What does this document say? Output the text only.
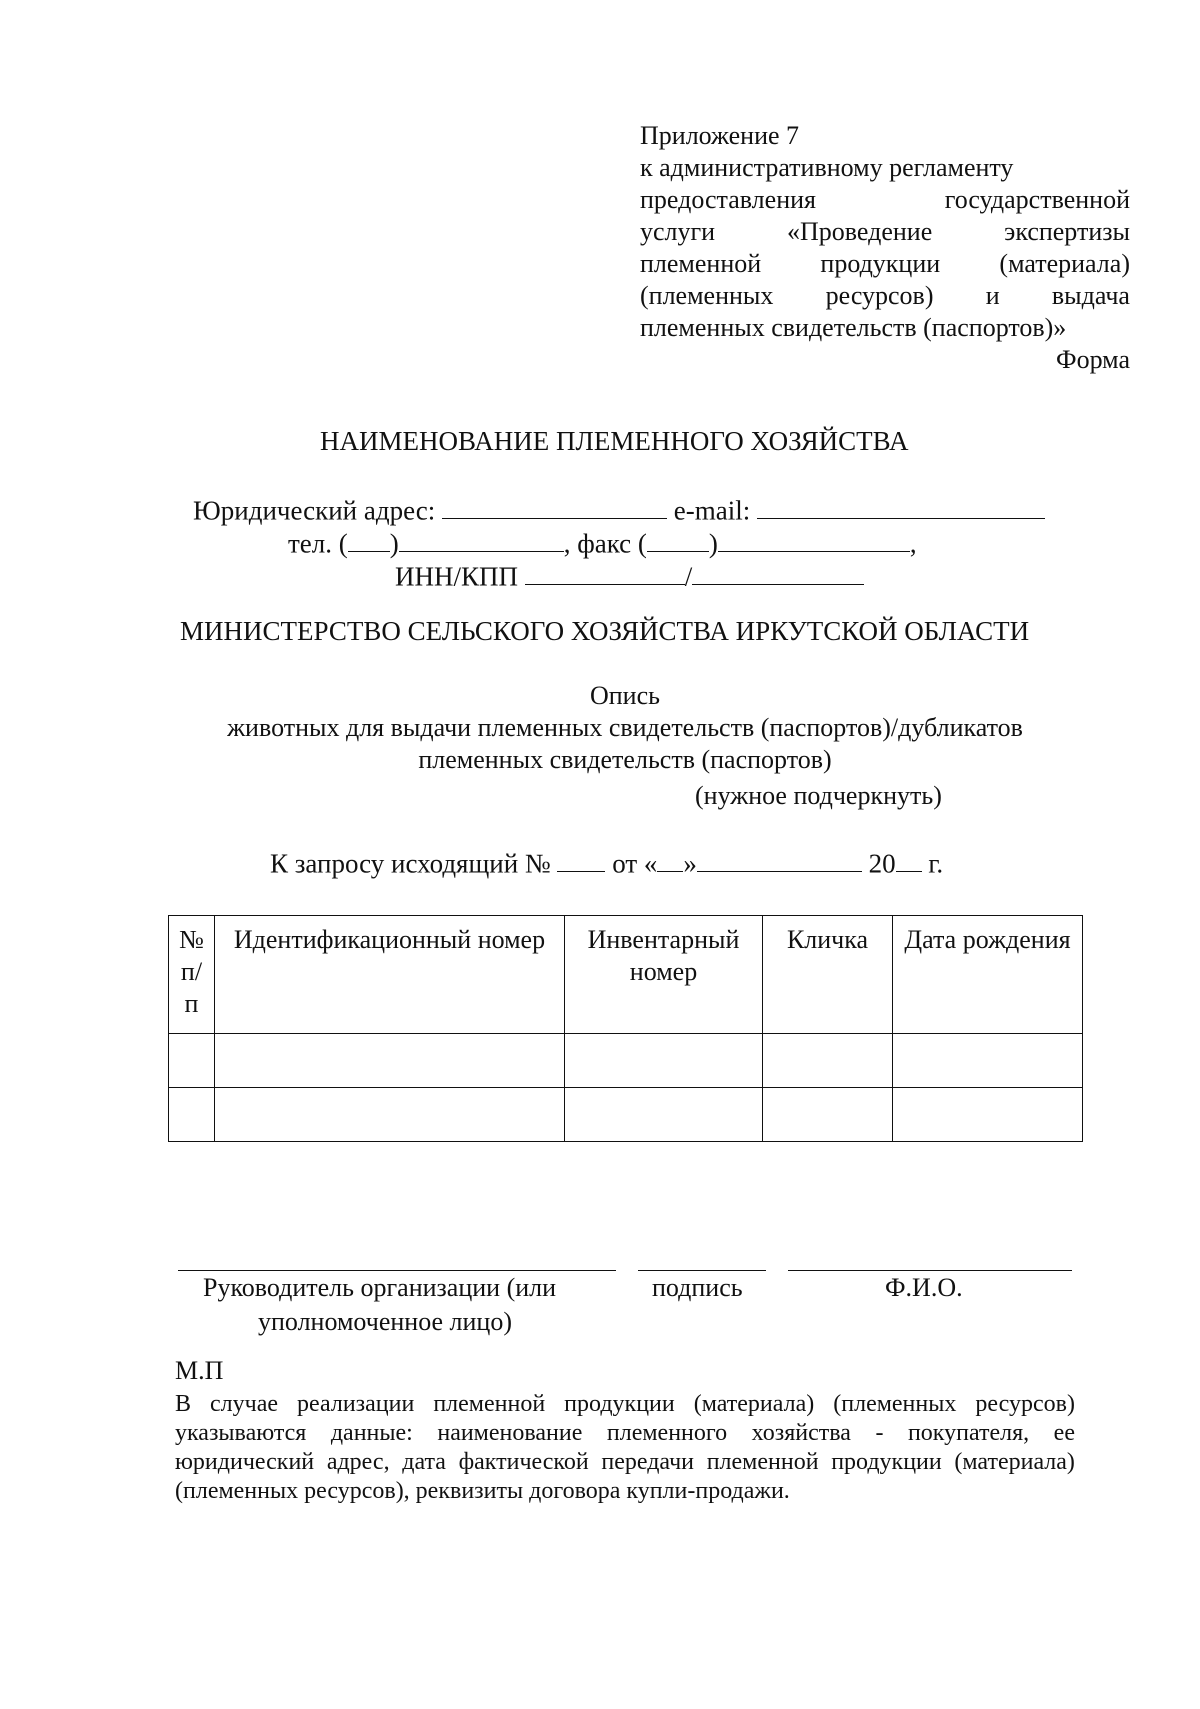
Приложение 7
к административному регламенту
предоставления	государственной
услуги	«Проведение	экспертизы
племенной продукции (материала)
(племенных ресурсов) и выдача
племенных свидетельств (паспортов)»
Форма
НАИМЕНОВАНИЕ ПЛЕМЕННОГО ХОЗЯЙСТВА
Юридический адрес:	e-mail:
тел. ( )	, факс ( )	,
ИНН/КПП	/
МИНИСТЕРСТВО СЕЛЬСКОГО ХОЗЯЙСТВА ИРКУТСКОЙ ОБЛАСТИ
Опись
животных для выдачи племенных свидетельств (паспортов)/дубликатов
племенных свидетельств (паспортов)
(нужное подчеркнуть)
К запросу исходящий № от « »	20 г.
№ п/ п	Идентификационный номер	Инвентарный номер	Кличка	Дата рождения

Руководитель организации (или
уполномоченное лицо)
подпись	Ф.И.О.
М.П
В случае реализации племенной продукции (материала) (племенных ресурсов)
указываются данные: наименование племенного хозяйства - покупателя, ее
юридический адрес, дата фактической передачи племенной продукции (материала)
(племенных ресурсов), реквизиты договора купли-продажи.
